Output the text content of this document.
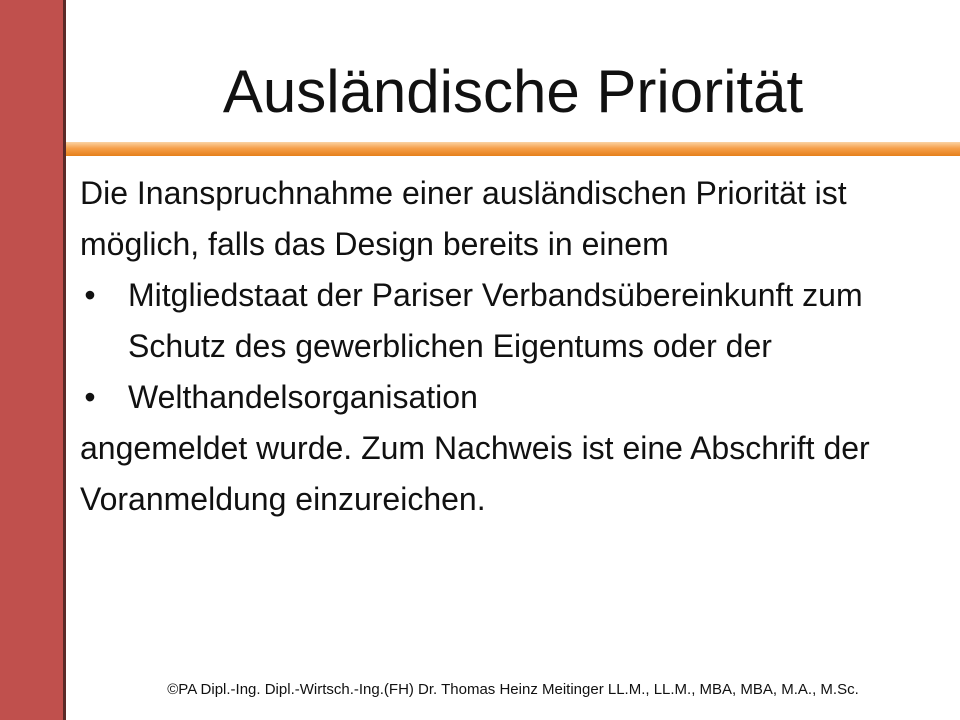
Ausländische Priorität

Die Inanspruchnahme einer ausländischen Priorität ist möglich, falls das Design bereits in einem

• Mitgliedstaat der Pariser Verbandsübereinkunft zum Schutz des gewerblichen Eigentums oder der
• Welthandelsorganisation

angemeldet wurde. Zum Nachweis ist eine Abschrift der Voranmeldung einzureichen.

©PA Dipl.-Ing. Dipl.-Wirtsch.-Ing.(FH) Dr. Thomas Heinz Meitinger LL.M., LL.M., MBA, MBA, M.A., M.Sc.
